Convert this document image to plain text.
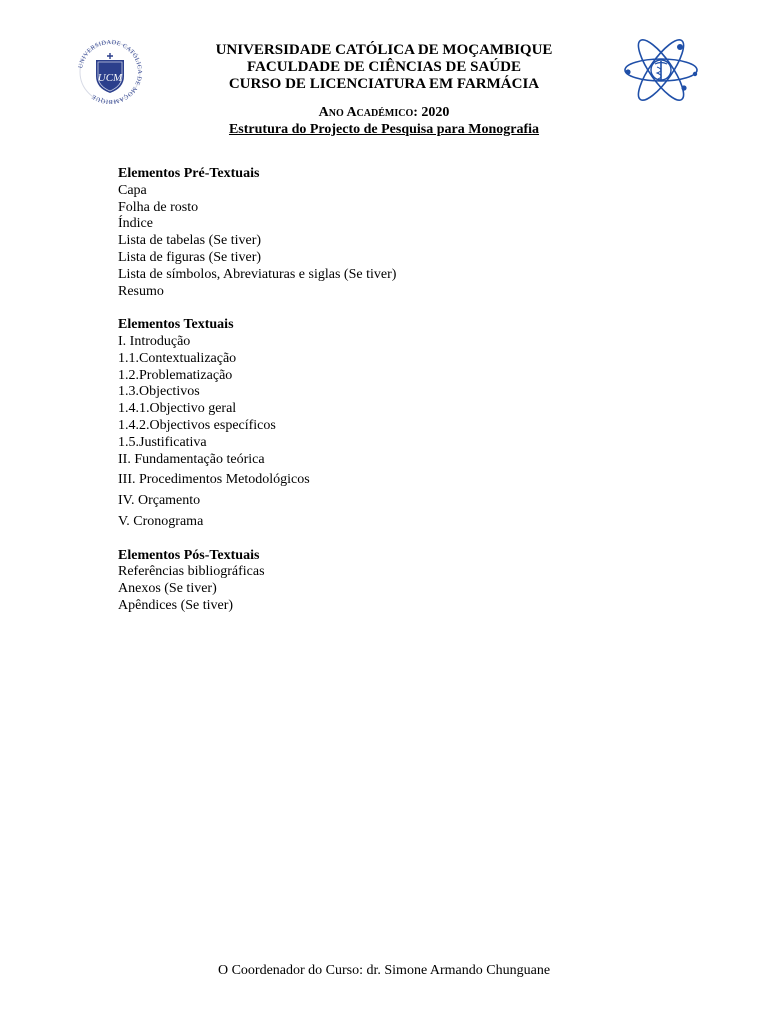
UNIVERSIDADE CATÓLICA DE MOÇAMBIQUE
UCM
UNIVERSIDADE CATÓLICA DE MOÇAMBIQUE
FACULDADE DE CIÊNCIAS DE SAÚDE
CURSO DE LICENCIATURA EM FARMÁCIA
Ano Académico: 2020
Estrutura do Projecto de Pesquisa para Monografia
Elementos Pré-Textuais
Capa
Folha de rosto
Índice
Lista de tabelas (Se tiver)
Lista de figuras (Se tiver)
Lista de símbolos, Abreviaturas e siglas (Se tiver)
Resumo
Elementos Textuais
I. Introdução
1.1.Contextualização
1.2.Problematização
1.3.Objectivos
1.4.1.Objectivo geral
1.4.2.Objectivos específicos
1.5.Justificativa
II. Fundamentação teórica
III. Procedimentos Metodológicos
IV. Orçamento
V. Cronograma
Elementos Pós-Textuais
Referências bibliográficas
Anexos (Se tiver)
Apêndices (Se tiver)
O Coordenador do Curso: dr. Simone Armando Chunguane
